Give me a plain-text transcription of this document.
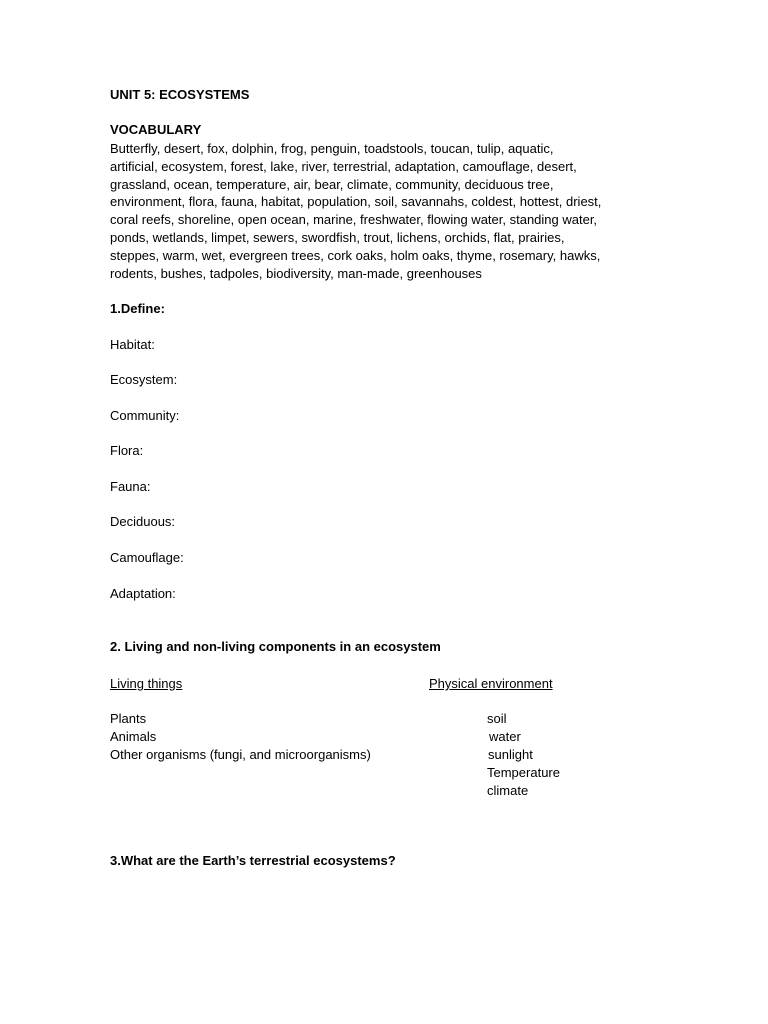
UNIT 5: ECOSYSTEMS
VOCABULARY
Butterfly, desert, fox, dolphin, frog, penguin, toadstools, toucan, tulip, aquatic,
artificial, ecosystem, forest, lake, river, terrestrial, adaptation, camouflage, desert,
grassland, ocean, temperature, air, bear, climate, community, deciduous tree,
environment, flora, fauna, habitat, population, soil, savannahs, coldest, hottest, driest,
coral reefs, shoreline, open ocean, marine, freshwater, flowing water, standing water,
ponds, wetlands, limpet, sewers, swordfish, trout, lichens, orchids, flat, prairies,
steppes, warm, wet, evergreen trees, cork oaks, holm oaks, thyme, rosemary, hawks,
rodents, bushes, tadpoles, biodiversity, man-made, greenhouses
1.Define:
Habitat:
Ecosystem:
Community:
Flora:
Fauna:
Deciduous:
Camouflage:
Adaptation:
2. Living and non-living components in an ecosystem
Living things	Physical environment
Plants
Animals
Other organisms (fungi, and microorganisms)
soil
water
sunlight
Temperature
climate
3.What are the Earth’s terrestrial ecosystems?
